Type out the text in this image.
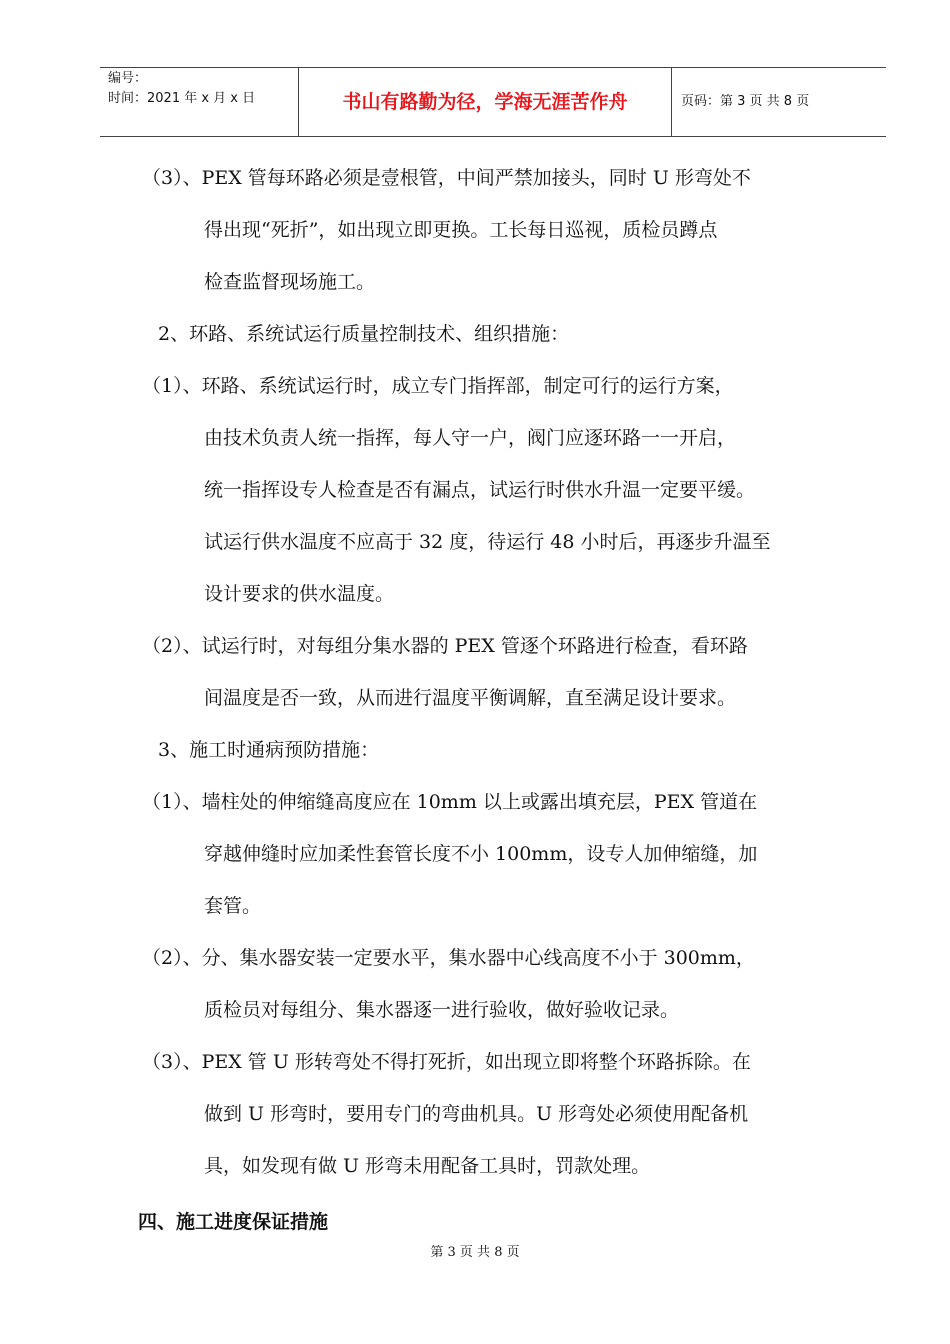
编号：
时间：2021 年 x 月 x 日	书山有路勤为径，学海无涯苦作舟	页码：第 3 页 共 8 页
（3）、PEX 管每环路必须是壹根管，中间严禁加接头，同时 U 形弯处不
得出现“死折”，如出现立即更换。工长每日巡视，质检员蹲点
检查监督现场施工。
2、环路、系统试运行质量控制技术、组织措施：
（1）、环路、系统试运行时，成立专门指挥部，制定可行的运行方案，
由技术负责人统一指挥，每人守一户，阀门应逐环路一一开启，
统一指挥设专人检查是否有漏点，试运行时供水升温一定要平缓。
试运行供水温度不应高于 32 度，待运行 48 小时后，再逐步升温至
设计要求的供水温度。
（2）、试运行时，对每组分集水器的 PEX 管逐个环路进行检查，看环路
间温度是否一致，从而进行温度平衡调解，直至满足设计要求。
3、施工时通病预防措施：
（1）、墙柱处的伸缩缝高度应在 10mm 以上或露出填充层，PEX 管道在
穿越伸缝时应加柔性套管长度不小 100mm，设专人加伸缩缝，加
套管。
（2）、分、集水器安装一定要水平，集水器中心线高度不小于 300mm，
质检员对每组分、集水器逐一进行验收，做好验收记录。
（3）、PEX 管 U 形转弯处不得打死折，如出现立即将整个环路拆除。在
做到 U 形弯时，要用专门的弯曲机具。U 形弯处必须使用配备机
具，如发现有做 U 形弯未用配备工具时，罚款处理。
四、施工进度保证措施
第 3 页 共 8 页
